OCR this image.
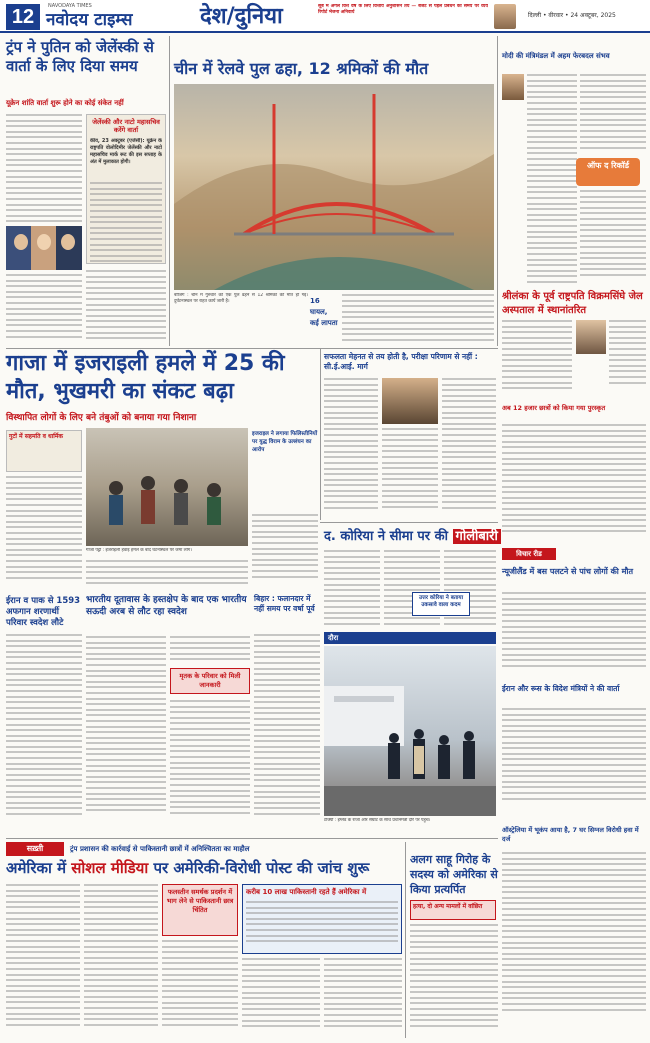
12	NAVODAYA TIMES
नवोदय टाइम्स	देश/दुनिया	सूबे में अगले वित्त वर्ष के लिए वित्तीय अनुशासन तय — बजट से पहले प्रबंधन को समय पर व्यय रिपोर्ट भेजना अनिवार्य	दिल्ली • वीरवार • 24 अक्टूबर, 2025
ट्रंप ने पुतिन को जेलेंस्की से वार्ता के लिए दिया समय
यूक्रेन शांति वार्ता शुरू होने का कोई संकेत नहीं
जेलेंस्की और नाटो महासचिव करेंगे वार्ता
कीव, 23 अक्टूबर (एजेंसी): यूक्रेन के राष्ट्रपति वोलोदिमीर जेलेंस्की और नाटो महासचिव मार्क रूट की इस सप्ताह के अंत में मुलाकात होगी।
चीन में रेलवे पुल ढहा, 12 श्रमिकों की मौत
बीजिंग : चीन में गुरुवार को एक पुल ढहने से 12 श्रमिकों की मौत हो गई। दुर्घटनास्थल पर राहत कार्य जारी है।	16 घायल, कई लापता
मोदी की मंत्रिमंडल में अहम फेरबदल संभव
ऑफ द रिकॉर्ड
श्रीलंका के पूर्व राष्ट्रपति विक्रमसिंघे जेल अस्पताल में स्थानांतरित
गाजा में इजराइली हमले में 25 की मौत, भुखमरी का संकट बढ़ा
विस्थापित लोगों के लिए बने तंबुओं को बनाया गया निशाना
गुटों में सहमति व धार्मिक
गाजा पट्टी : इजराइली हवाई हमले के बाद घटनास्थल पर जमा लोग।
इजराइल ने लगाया फिलिस्तीनियों पर युद्ध विराम के उल्लंघन का आरोप
सफलता मेहनत से तय होती है, परीक्षा परिणाम से नहीं : सी.ई.आई. मार्ग
अब 12 हजार छात्रों को किया गया पुरस्कृत
ईरान व पाक से 1593 अफगान शरणार्थी परिवार स्वदेश लौटे
भारतीय दूतावास के हस्तक्षेप के बाद एक भारतीय सऊदी अरब से लौट रहा स्वदेश
मृतक के परिवार को मिली जानकारी
बिहार : फलानदार में नहीं समय पर वर्षा पूर्व
द. कोरिया ने सीमा पर की गोलीबारी
उत्तर कोरिया ने बताया उकसावे वाला कदम
विचार रीड
न्यूजीलैंड में बस पलटने से पांच लोगों की मौत
ईरान और रूस के विदेश मंत्रियों ने की वार्ता
ऑस्ट्रेलिया में भूकंप आया है, 7 घर सिग्नल विरोधी हवा में दर्ज
दौरा
टोक्यो : इंग्लैंड के राजा और सम्राट के साथ प्रधानमंत्री दौरे पर पहुंचे।
सख़्ती	ट्रंप प्रशासन की कार्रवाई से पाकिस्तानी छात्रों में अनिश्चितता का माहौल
अमेरिका में सोशल मीडिया पर अमेरिकी-विरोधी पोस्ट की जांच शुरू
फलस्तीन समर्थक प्रदर्शन में भाग लेने से पाकिस्तानी छात्र चिंतित
करीब 10 लाख पाकिस्तानी रहते हैं अमेरिका में
अलग साहू गिरोह के सदस्य को अमेरिका से किया प्रत्यर्पित
हत्या, दो अन्य मामलों में वांछित
